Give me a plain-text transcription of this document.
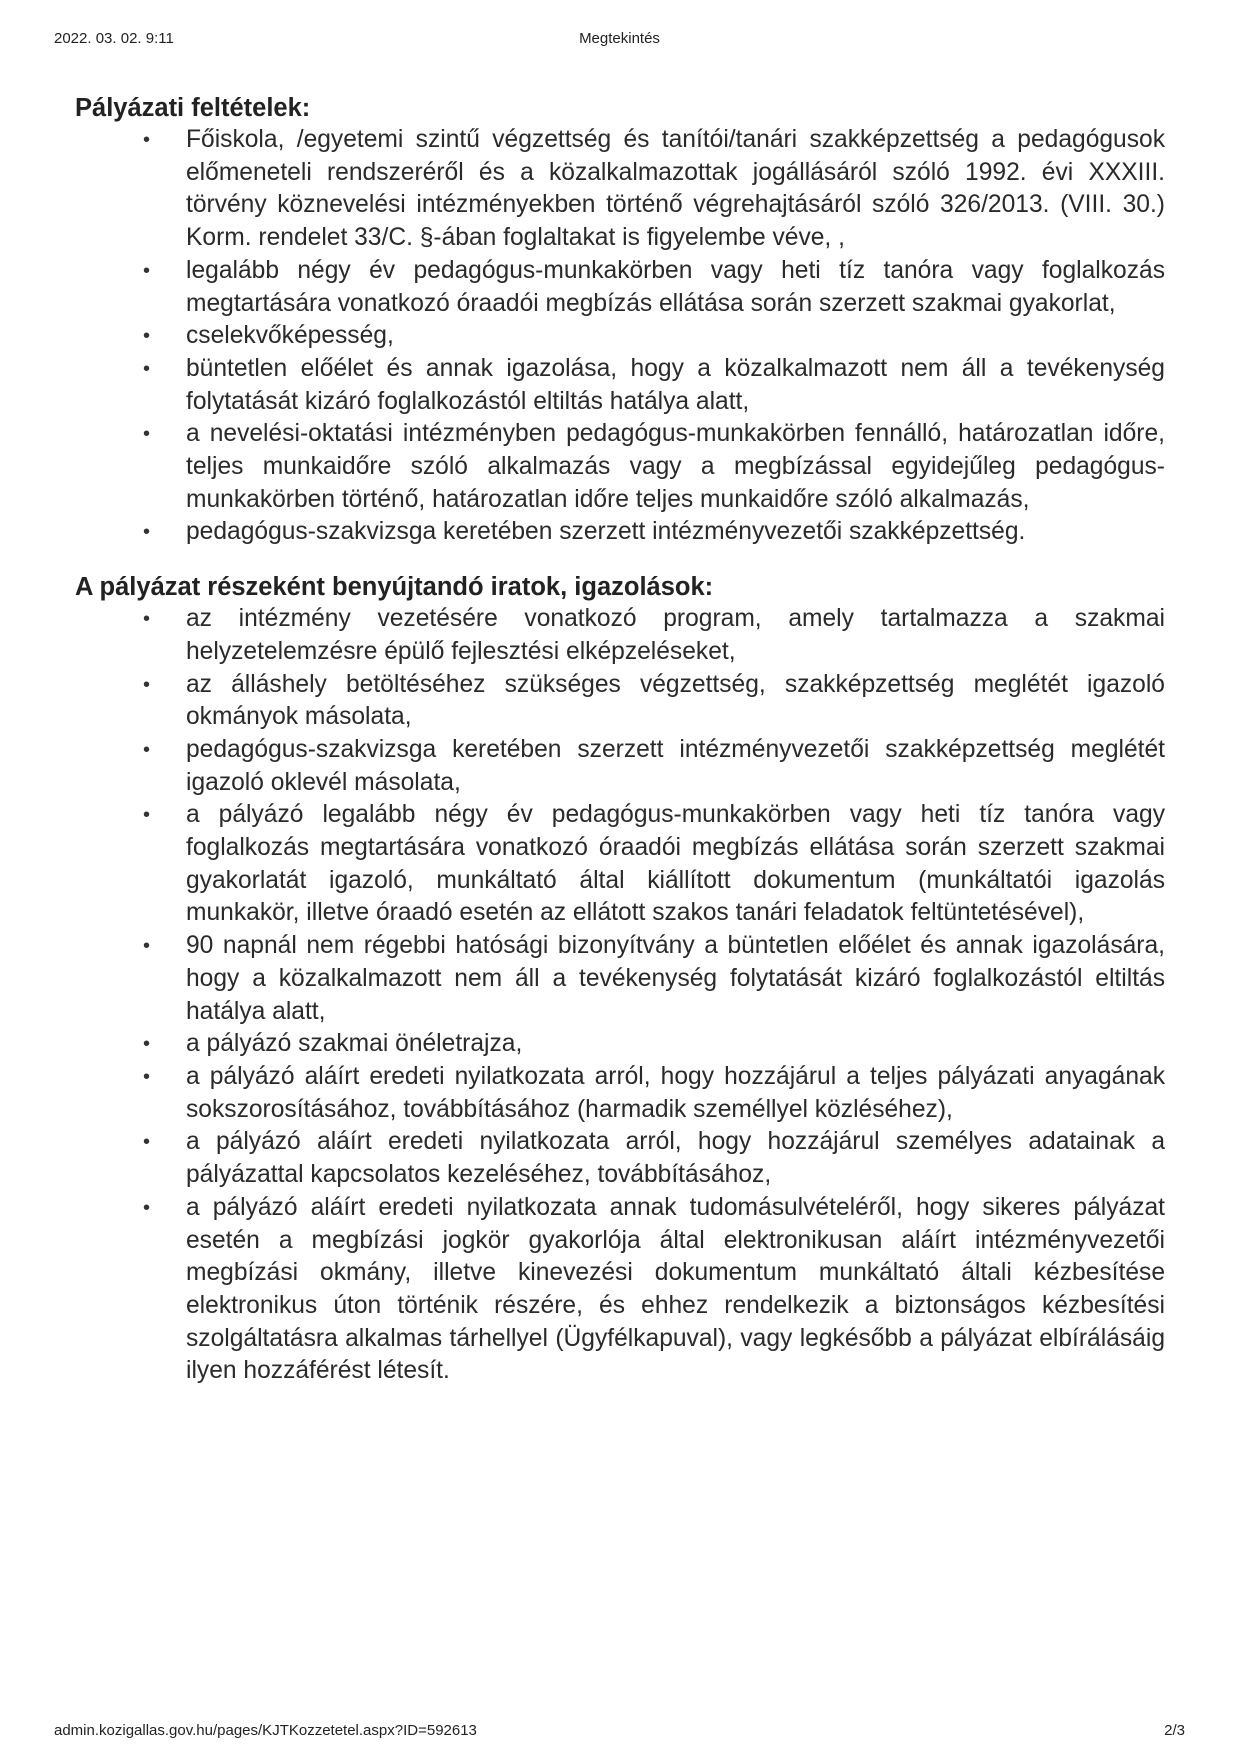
2022. 03. 02. 9:11	Megtekintés
Pályázati feltételek:
• Főiskola, /egyetemi szintű végzettség és tanítói/tanári szakképzettség a pedagógusok előmeneteli rendszeréről és a közalkalmazottak jogállásáról szóló 1992. évi XXXIII. törvény köznevelési intézményekben történő végrehajtásáról szóló 326/2013. (VIII. 30.) Korm. rendelet 33/C. §-ában foglaltakat is figyelembe véve, ,
• legalább négy év pedagógus-munkakörben vagy heti tíz tanóra vagy foglalkozás megtartására vonatkozó óraadói megbízás ellátása során szerzett szakmai gyakorlat,
• cselekvőképesség,
• büntetlen előélet és annak igazolása, hogy a közalkalmazott nem áll a tevékenység folytatását kizáró foglalkozástól eltiltás hatálya alatt,
• a nevelési-oktatási intézményben pedagógus-munkakörben fennálló, határozatlan időre, teljes munkaidőre szóló alkalmazás vagy a megbízással egyidejűleg pedagógus-munkakörben történő, határozatlan időre teljes munkaidőre szóló alkalmazás,
• pedagógus-szakvizsga keretében szerzett intézményvezetői szakképzettség.
A pályázat részeként benyújtandó iratok, igazolások:
• az intézmény vezetésére vonatkozó program, amely tartalmazza a szakmai helyzetelemzésre épülő fejlesztési elképzeléseket,
• az álláshely betöltéséhez szükséges végzettség, szakképzettség meglétét igazoló okmányok másolata,
• pedagógus-szakvizsga keretében szerzett intézményvezetői szakképzettség meglétét igazoló oklevél másolata,
• a pályázó legalább négy év pedagógus-munkakörben vagy heti tíz tanóra vagy foglalkozás megtartására vonatkozó óraadói megbízás ellátása során szerzett szakmai gyakorlatát igazoló, munkáltató által kiállított dokumentum (munkáltatói igazolás munkakör, illetve óraadó esetén az ellátott szakos tanári feladatok feltüntetésével),
• 90 napnál nem régebbi hatósági bizonyítvány a büntetlen előélet és annak igazolására, hogy a közalkalmazott nem áll a tevékenység folytatását kizáró foglalkozástól eltiltás hatálya alatt,
• a pályázó szakmai önéletrajza,
• a pályázó aláírt eredeti nyilatkozata arról, hogy hozzájárul a teljes pályázati anyagának sokszorosításához, továbbításához (harmadik személlyel közléséhez),
• a pályázó aláírt eredeti nyilatkozata arról, hogy hozzájárul személyes adatainak a pályázattal kapcsolatos kezeléséhez, továbbításához,
• a pályázó aláírt eredeti nyilatkozata annak tudomásulvételéről, hogy sikeres pályázat esetén a megbízási jogkör gyakorlója által elektronikusan aláírt intézményvezetői megbízási okmány, illetve kinevezési dokumentum munkáltató általi kézbesítése elektronikus úton történik részére, és ehhez rendelkezik a biztonságos kézbesítési szolgáltatásra alkalmas tárhellyel (Ügyfélkapuval), vagy legkésőbb a pályázat elbírálásáig ilyen hozzáférést létesít.
admin.kozigallas.gov.hu/pages/KJTKozzetetel.aspx?ID=592613	2/3
